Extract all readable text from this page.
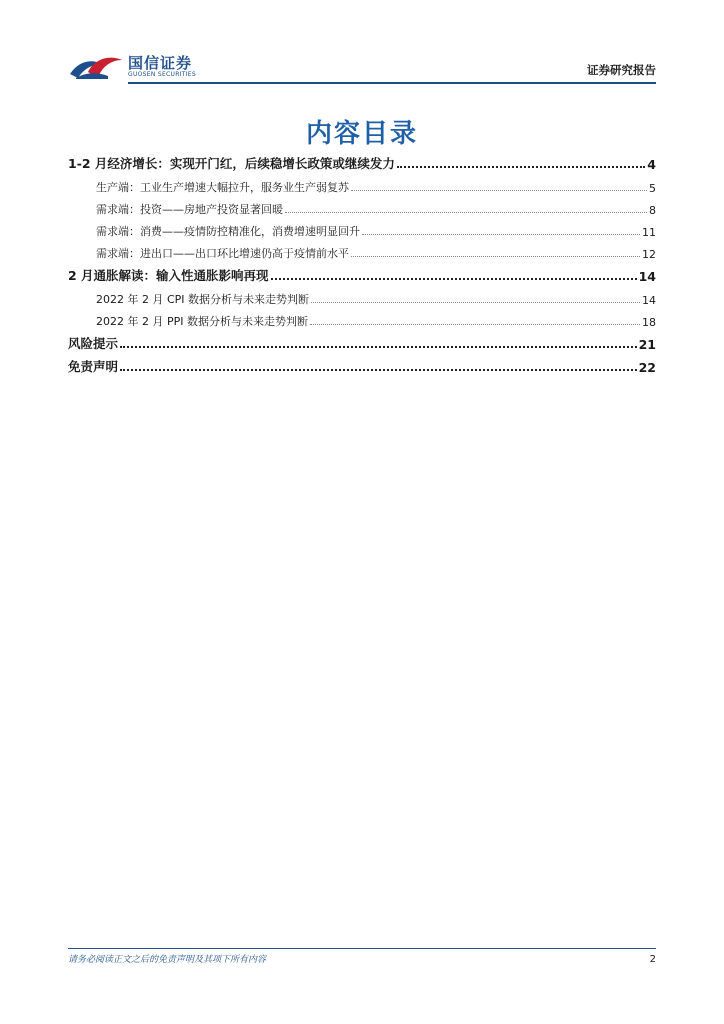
国信证券
GUOSEN SECURITIES	证券研究报告
内容目录
1-2 月经济增长：实现开门红，后续稳增长政策或继续发力	4
生产端：工业生产增速大幅拉升，服务业生产弱复苏	5
需求端：投资——房地产投资显著回暖	8
需求端：消费——疫情防控精准化，消费增速明显回升	11
需求端：进出口——出口环比增速仍高于疫情前水平	12
2 月通胀解读：输入性通胀影响再现	14
2022 年 2 月 CPI 数据分析与未来走势判断	14
2022 年 2 月 PPI 数据分析与未来走势判断	18
风险提示	21
免责声明	22
请务必阅读正文之后的免责声明及其项下所有内容	2
